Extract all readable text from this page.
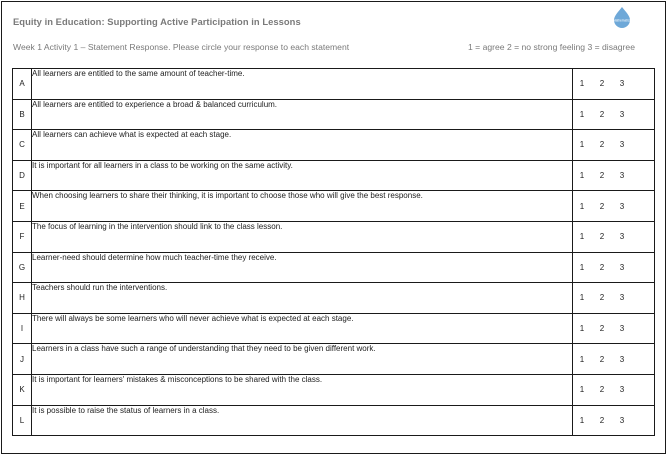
Equity in Education: Supporting Active Participation in Lessons	Mathematics
Week 1 Activity 1 – Statement Response. Please circle your response to each statement	1 = agree 2 = no strong feeling 3 = disagree
A	All learners are entitled to the same amount of teacher-time.	1 2 3
B	All learners are entitled to experience a broad & balanced curriculum.	1 2 3
C	All learners can achieve what is expected at each stage.	1 2 3
D	It is important for all learners in a class to be working on the same activity.	1 2 3
E	When choosing learners to share their thinking, it is important to choose those who will give the best response.	1 2 3
F	The focus of learning in the intervention should link to the class lesson.	1 2 3
G	Learner-need should determine how much teacher-time they receive.	1 2 3
H	Teachers should run the interventions.	1 2 3
I	There will always be some learners who will never achieve what is expected at each stage.	1 2 3
J	Learners in a class have such a range of understanding that they need to be given different work.	1 2 3
K	It is important for learners' mistakes & misconceptions to be shared with the class.	1 2 3
L	It is possible to raise the status of learners in a class.	1 2 3
